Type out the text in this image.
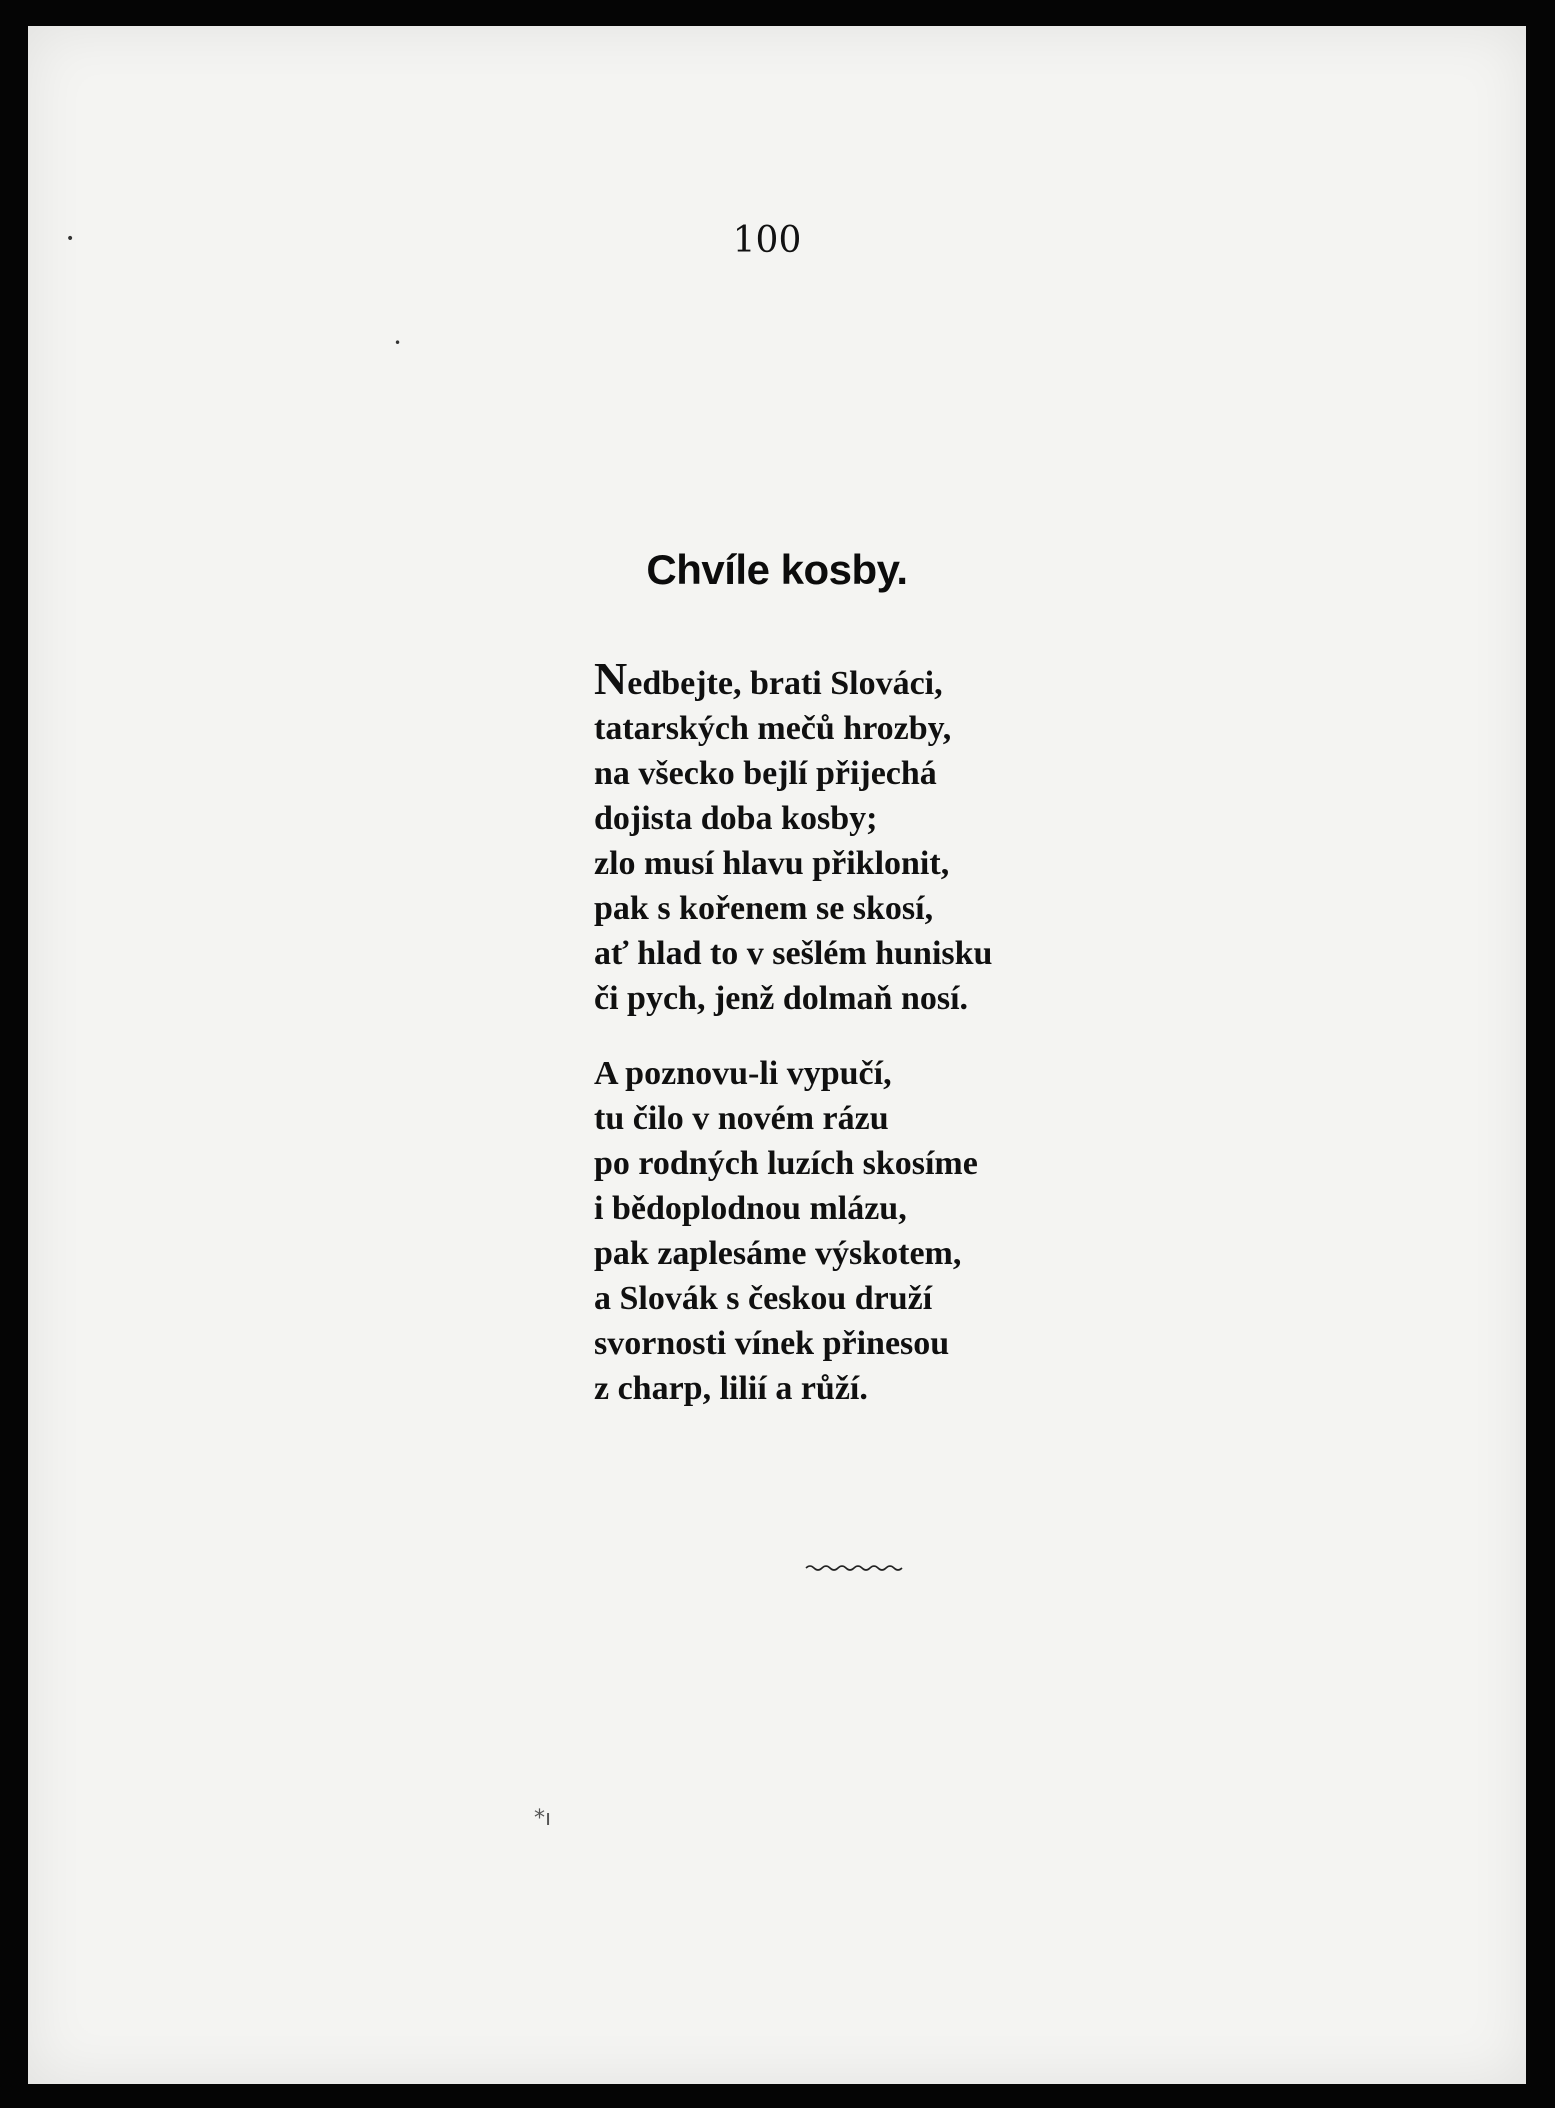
100
Chvíle kosby.
Nedbejte, brati Slováci,
tatarských mečů hrozby,
na všecko bejlí přijechá
dojista doba kosby;
zlo musí hlavu přiklonit,
pak s kořenem se skosí,
ať hlad to v sešlém hunisku
či pych, jenž dolmaň nosí.
A poznovu-li vypučí,
tu čilo v novém rázu
po rodných luzích skosíme
i bědoplodnou mlázu,
pak zaplesáme výskotem,
a Slovák s českou druží
svornosti vínek přinesou
z charp, lilií a růží.
•
•
*ı
